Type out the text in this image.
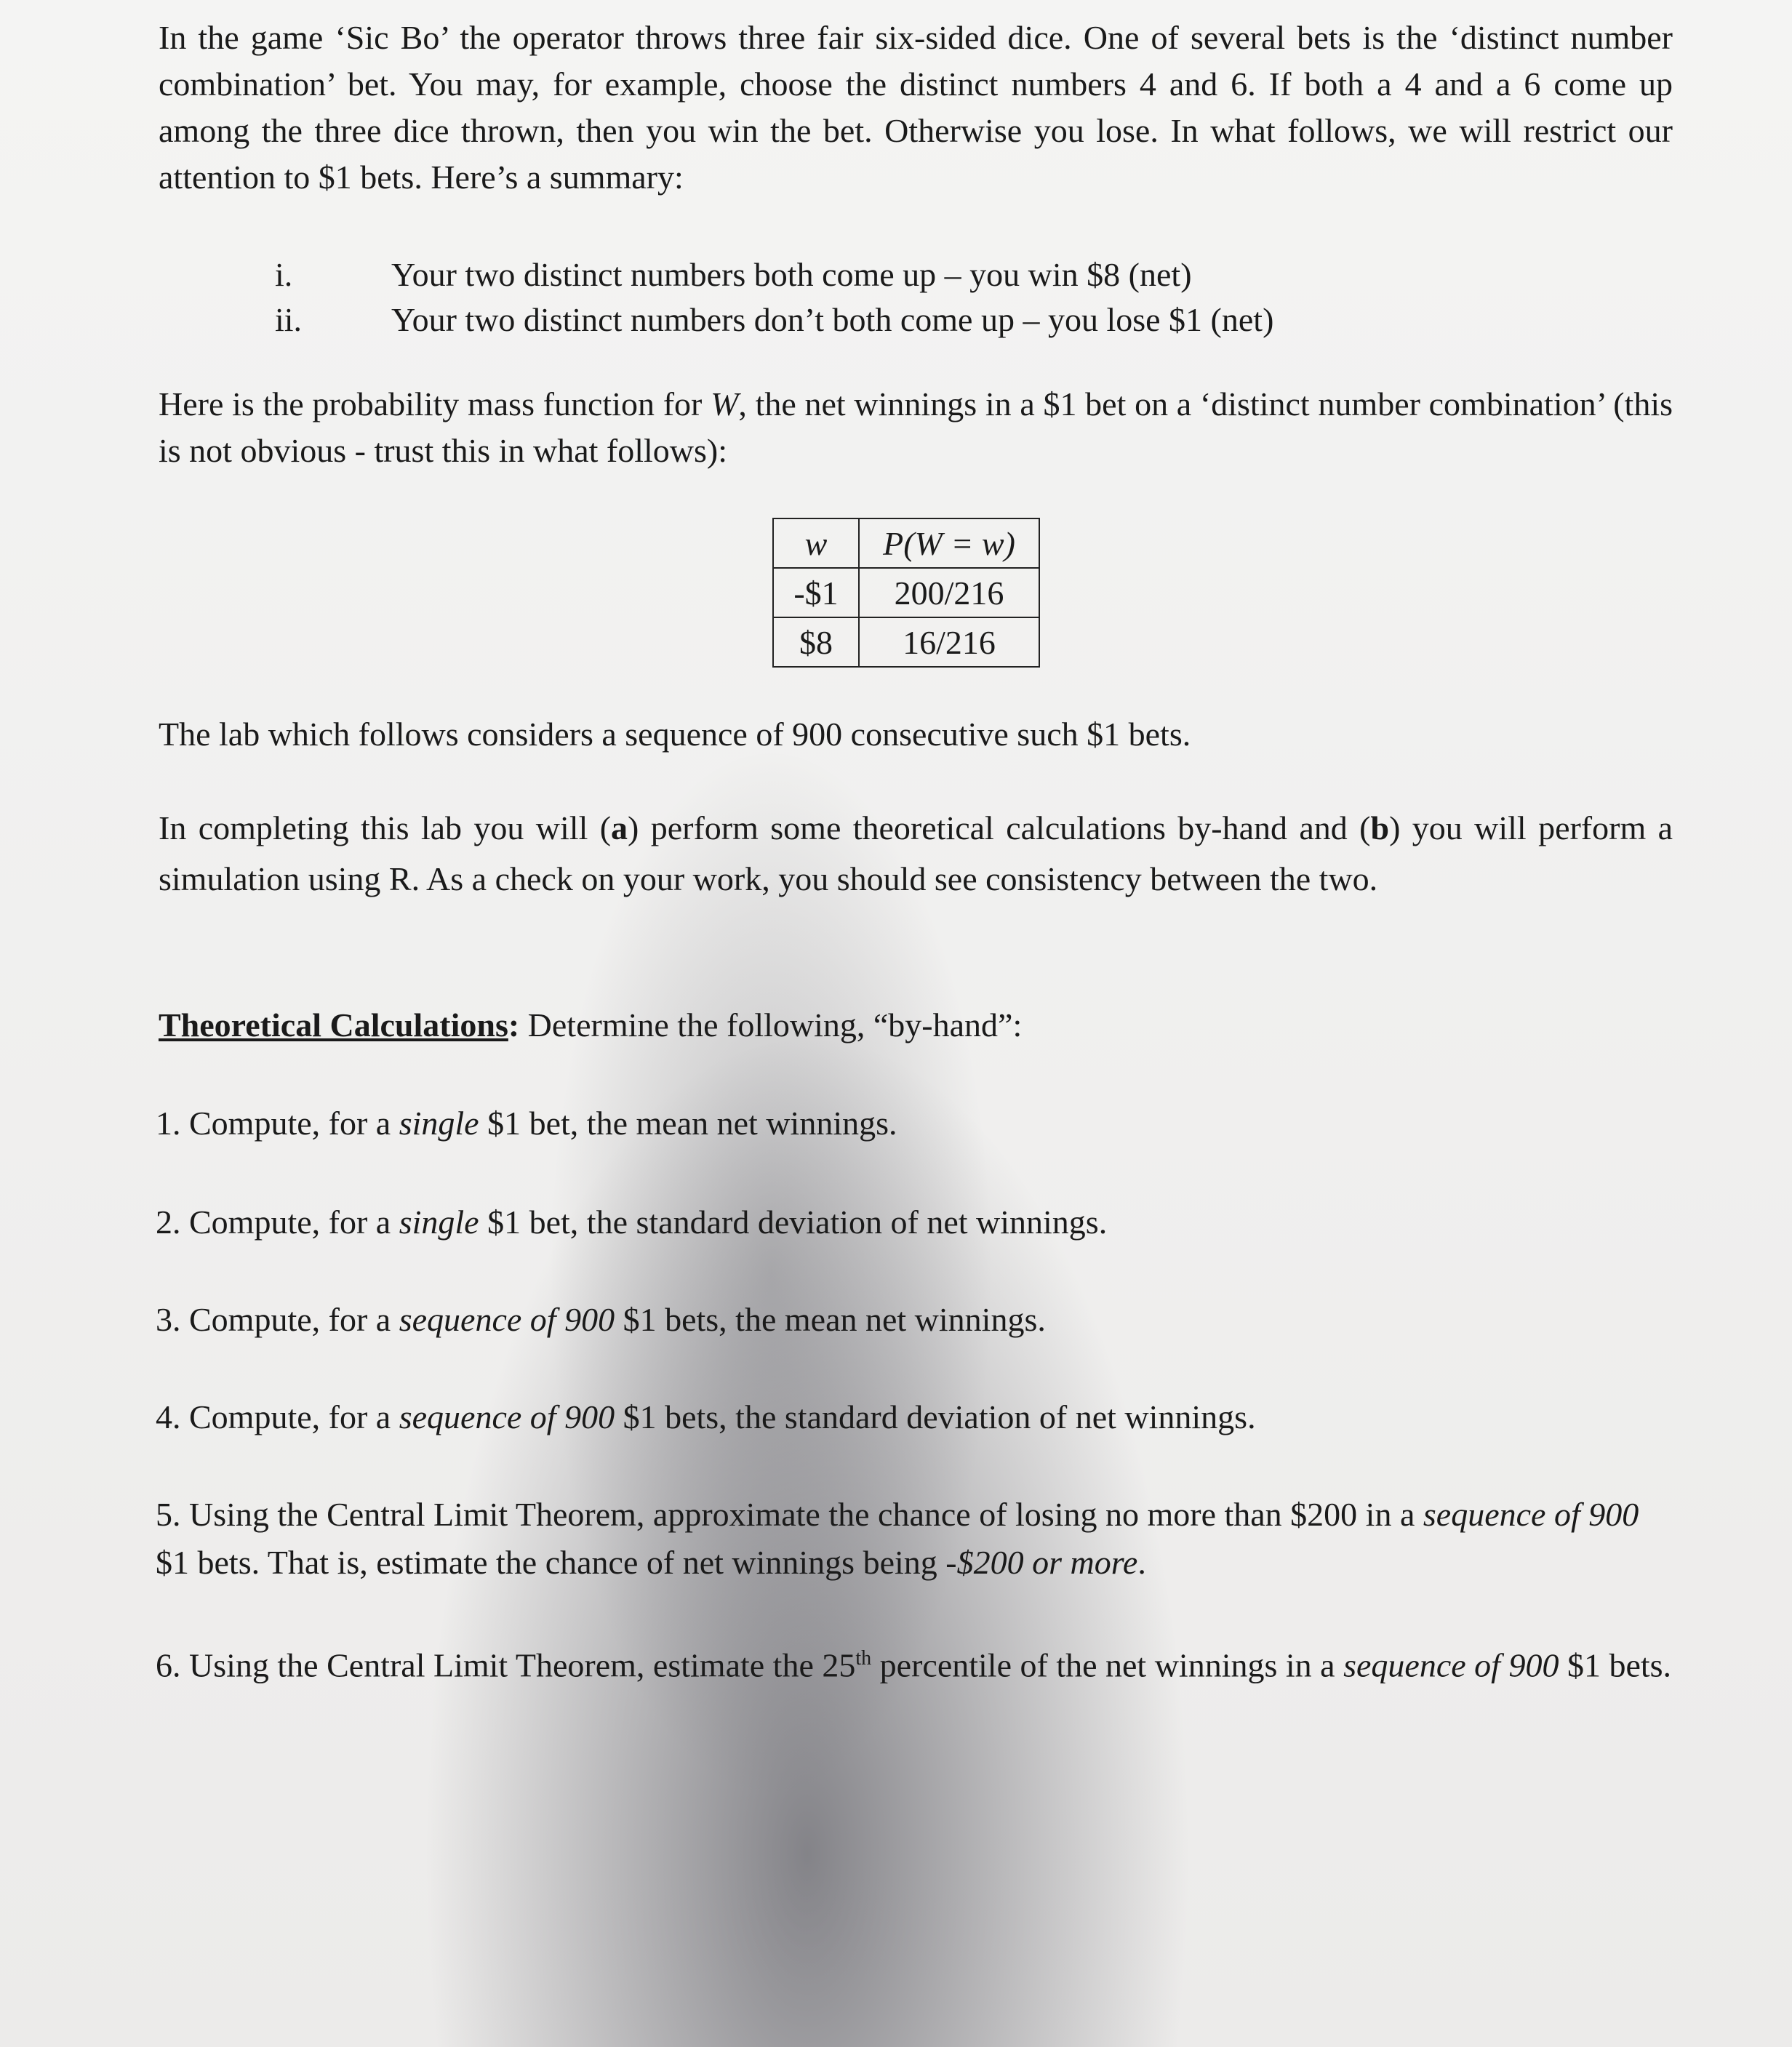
In the game ‘Sic Bo’ the operator throws three fair six-sided dice. One of several bets is the ‘distinct number combination’ bet. You may, for example, choose the distinct numbers 4 and 6. If both a 4 and a 6 come up among the three dice thrown, then you win the bet. Otherwise you lose. In what follows, we will restrict our attention to $1 bets. Here’s a summary:

i.	Your two distinct numbers both come up – you win $8 (net)
ii.	Your two distinct numbers don’t both come up – you lose $1 (net)

Here is the probability mass function for W, the net winnings in a $1 bet on a ‘distinct number combination’ (this is not obvious - trust this in what follows):

w	P(W = w)
-$1	200/216
$8	16/216

The lab which follows considers a sequence of 900 consecutive such $1 bets.

In completing this lab you will (a) perform some theoretical calculations by-hand and (b) you will perform a simulation using R. As a check on your work, you should see consistency between the two.

Theoretical Calculations: Determine the following, “by-hand”:

1. Compute, for a single $1 bet, the mean net winnings.

2. Compute, for a single $1 bet, the standard deviation of net winnings.

3. Compute, for a sequence of 900 $1 bets, the mean net winnings.

4. Compute, for a sequence of 900 $1 bets, the standard deviation of net winnings.

5. Using the Central Limit Theorem, approximate the chance of losing no more than $200 in a sequence of 900 $1 bets. That is, estimate the chance of net winnings being -$200 or more.

6. Using the Central Limit Theorem, estimate the 25th percentile of the net winnings in a sequence of 900 $1 bets.
